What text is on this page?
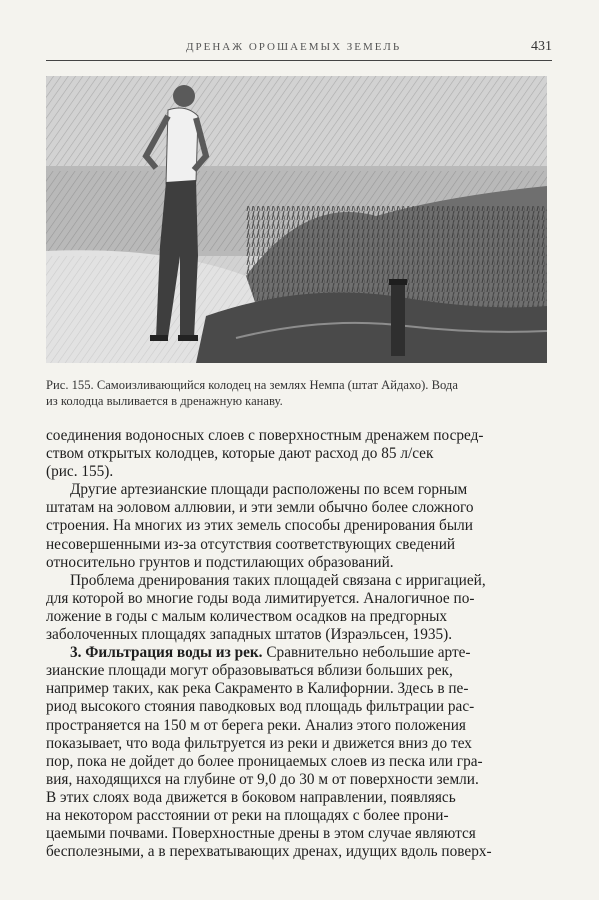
ДРЕНАЖ ОРОШАЕМЫХ ЗЕМЕЛЬ	431
Рис. 155. Самоизливающийся колодец на землях Немпа (штат Айдахо). Вода
из колодца выливается в дренажную канаву.
соединения водоносных слоев с поверхностным дренажем посред-
ством открытых колодцев, которые дают расход до 85 л/сек
(рис. 155).
Другие артезианские площади расположены по всем горным
штатам на эоловом аллювии, и эти земли обычно более сложного
строения. На многих из этих земель способы дренирования были
несовершенными из-за отсутствия соответствующих сведений
относительно грунтов и подстилающих образований.
Проблема дренирования таких площадей связана с ирригацией,
для которой во многие годы вода лимитируется. Аналогичное по-
ложение в годы с малым количеством осадков на предгорных
заболоченных площадях западных штатов (Израэльсен, 1935).
3. Фильтрация воды из рек. Сравнительно небольшие арте-
зианские площади могут образовываться вблизи больших рек,
например таких, как река Сакраменто в Калифорнии. Здесь в пе-
риод высокого стояния паводковых вод площадь фильтрации рас-
пространяется на 150 м от берега реки. Анализ этого положения
показывает, что вода фильтруется из реки и движется вниз до тех
пор, пока не дойдет до более проницаемых слоев из песка или гра-
вия, находящихся на глубине от 9,0 до 30 м от поверхности земли.
В этих слоях вода движется в боковом направлении, появляясь
на некотором расстоянии от реки на площадях с более прони-
цаемыми почвами. Поверхностные дрены в этом случае являются
бесполезными, а в перехватывающих дренах, идущих вдоль поверх-
